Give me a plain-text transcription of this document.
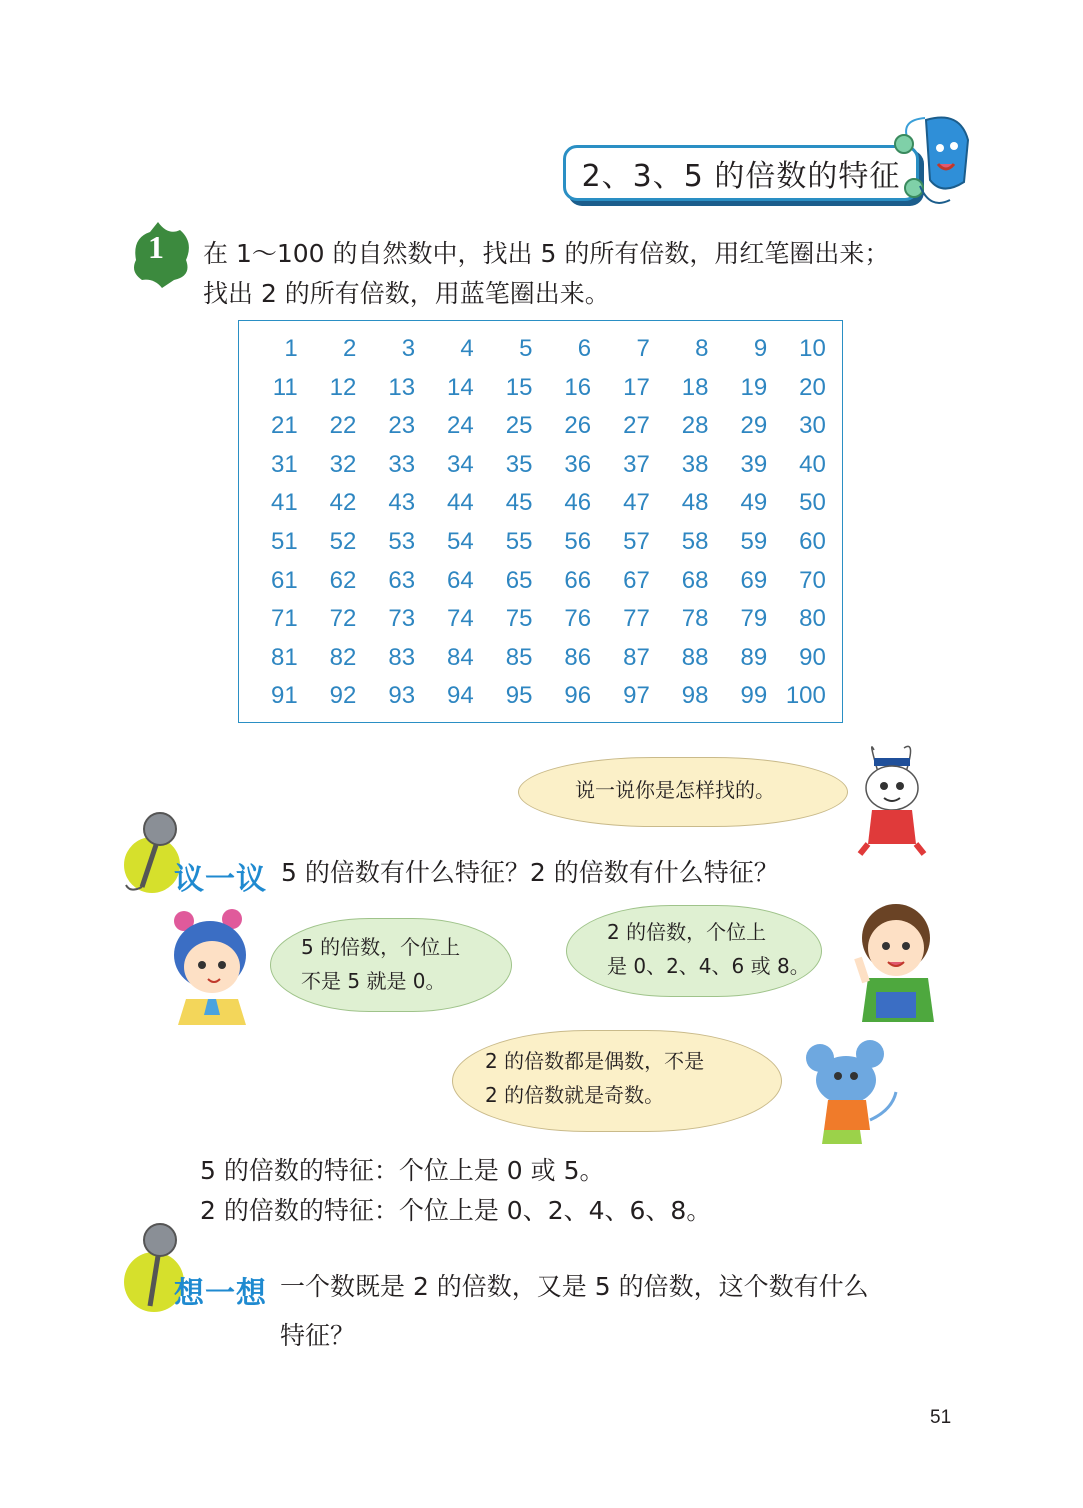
2、3、5 的倍数的特征
1 在 1～100 的自然数中，找出 5 的所有倍数，用红笔圈出来；
找出 2 的所有倍数，用蓝笔圈出来。
1	2	3	4	5	6	7	8	9	10
11	12	13	14	15	16	17	18	19	20
21	22	23	24	25	26	27	28	29	30
31	32	33	34	35	36	37	38	39	40
41	42	43	44	45	46	47	48	49	50
51	52	53	54	55	56	57	58	59	60
61	62	63	64	65	66	67	68	69	70
71	72	73	74	75	76	77	78	79	80
81	82	83	84	85	86	87	88	89	90
91	92	93	94	95	96	97	98	99 100
说一说你是怎样找的。
议一议 5 的倍数有什么特征？2 的倍数有什么特征？
5 的倍数，个位上
不是 5 就是 0。
2 的倍数，个位上
是 0、2、4、6 或 8。
2 的倍数都是偶数，不是
2 的倍数就是奇数。
5 的倍数的特征：个位上是 0 或 5。
2 的倍数的特征：个位上是 0、2、4、6、8。
想一想 一个数既是 2 的倍数，又是 5 的倍数，这个数有什么
特征？
51
